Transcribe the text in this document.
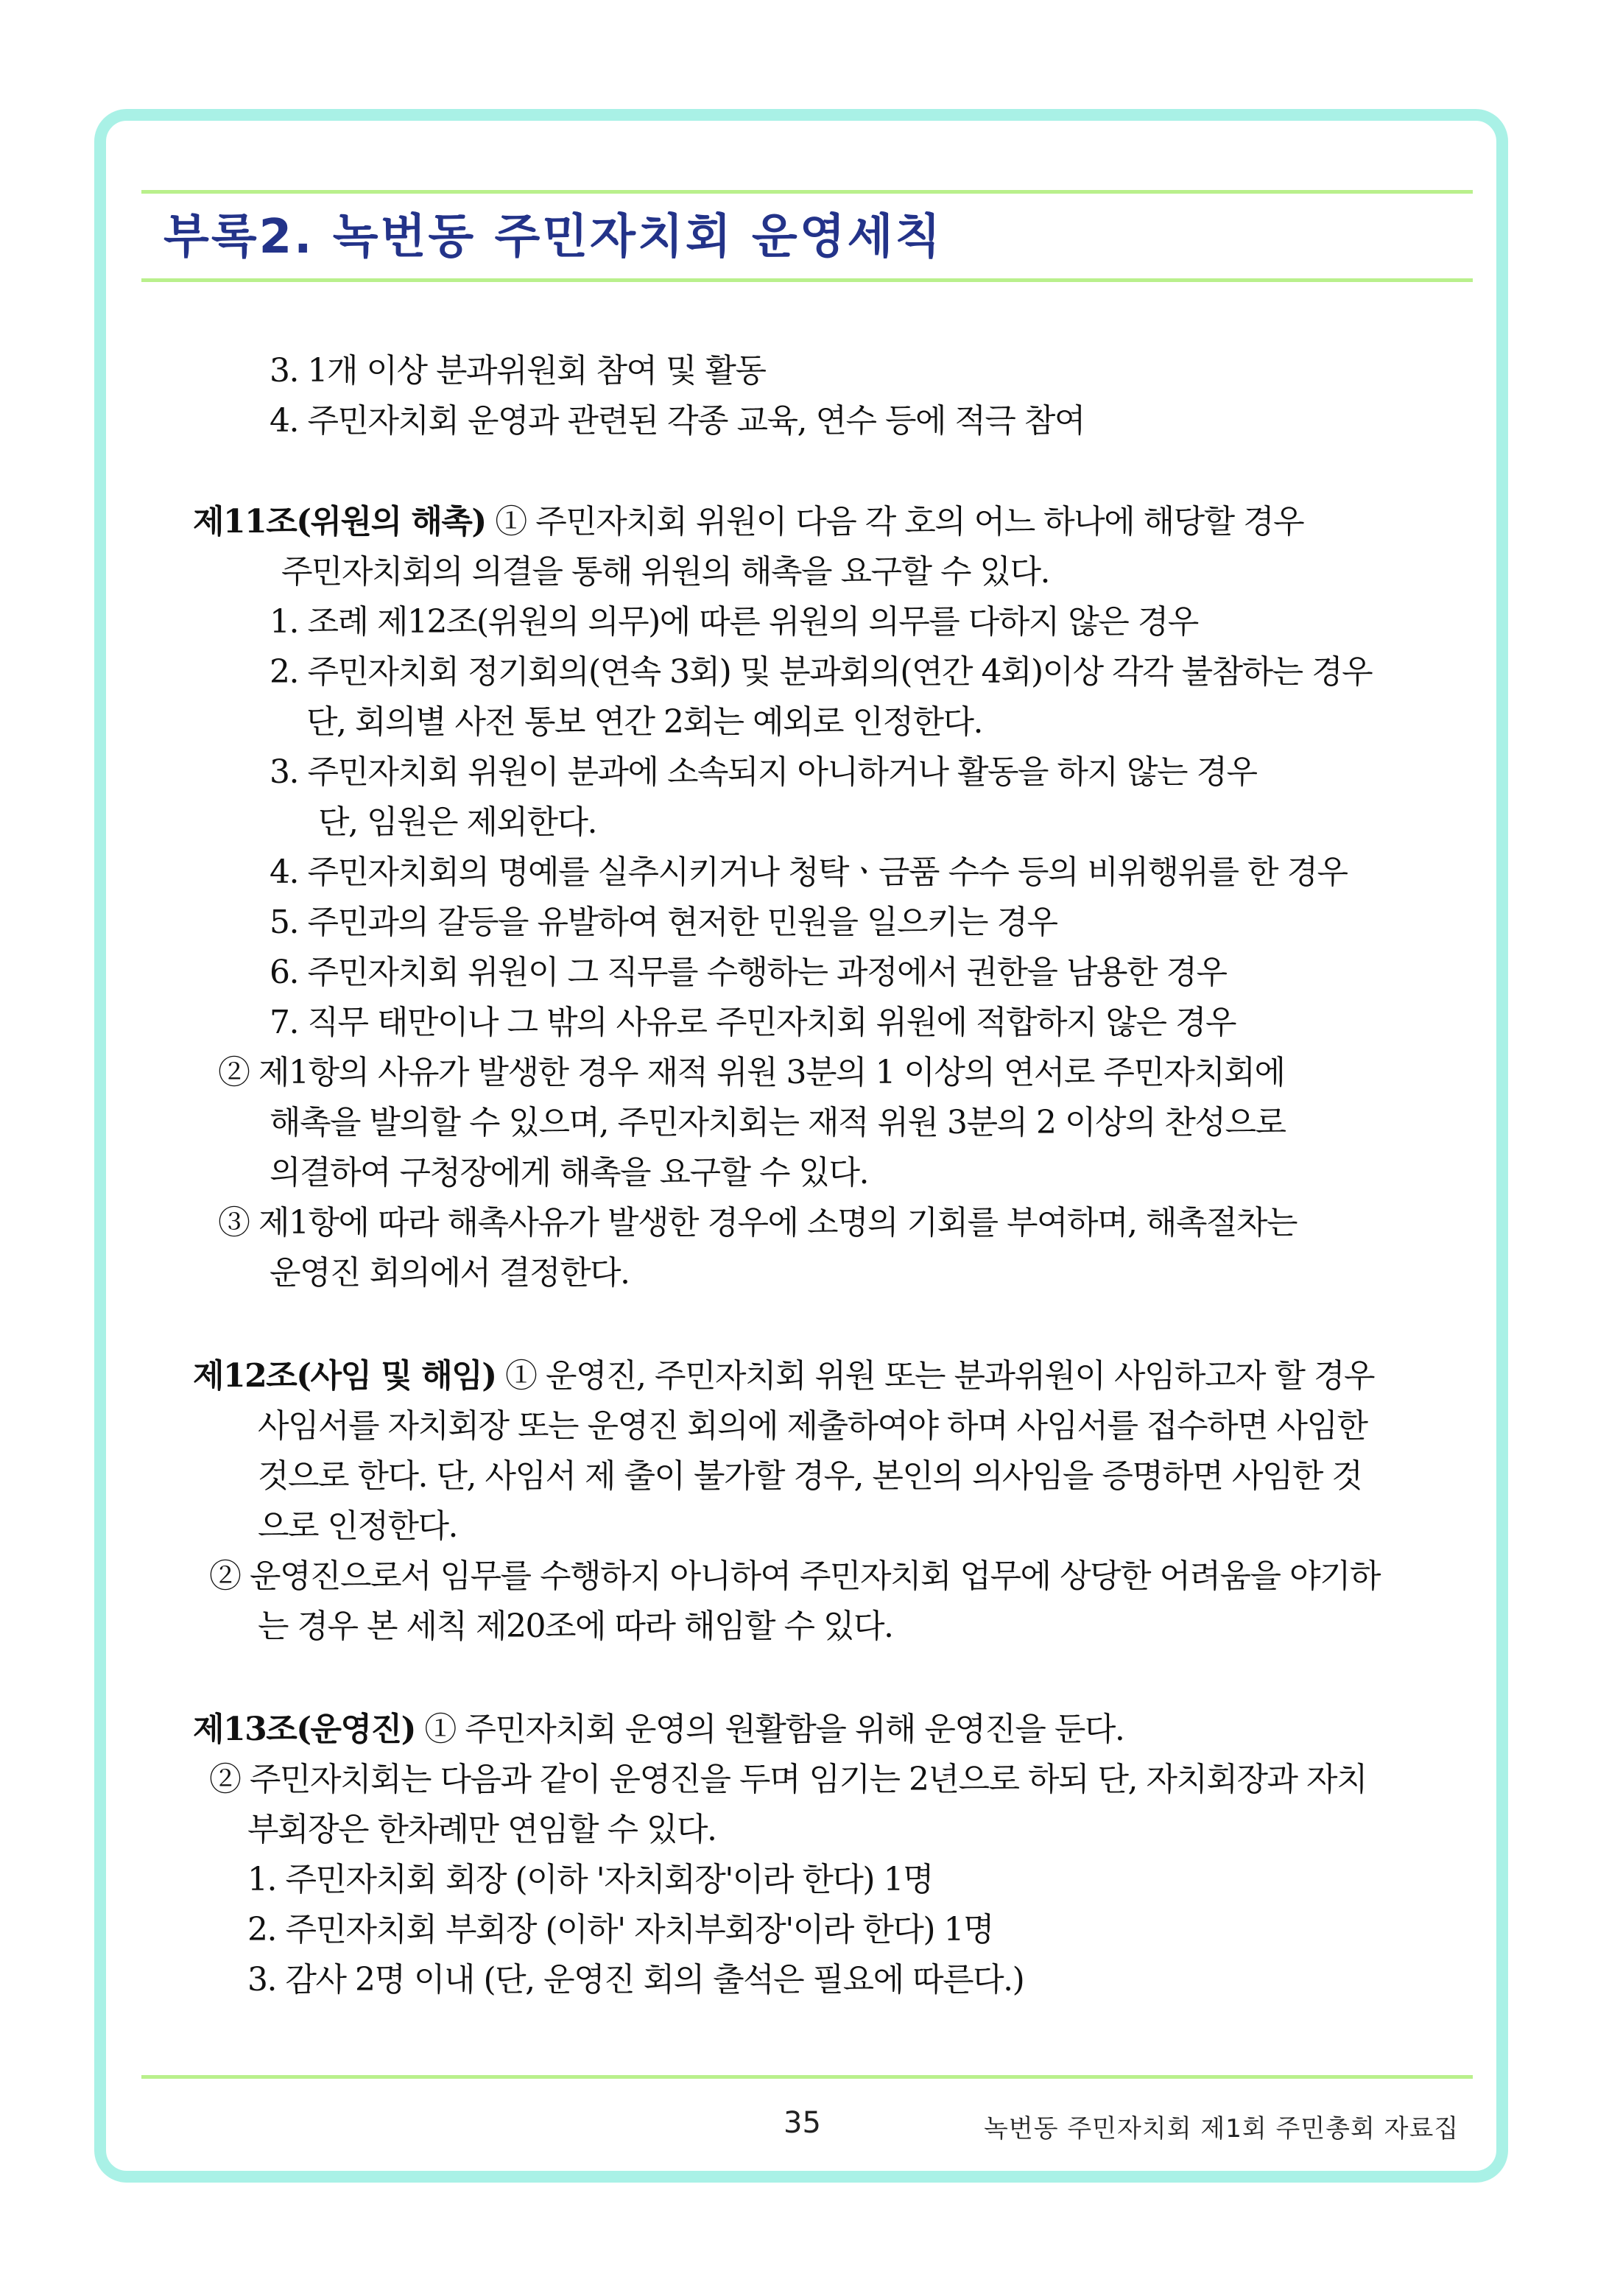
부록2. 녹번동 주민자치회 운영세칙
3. 1개 이상 분과위원회 참여 및 활동
4. 주민자치회 운영과 관련된 각종 교육, 연수 등에 적극 참여
제11조(위원의 해촉) ① 주민자치회 위원이 다음 각 호의 어느 하나에 해당할 경우
주민자치회의 의결을 통해 위원의 해촉을 요구할 수 있다.
1. 조례 제12조(위원의 의무)에 따른 위원의 의무를 다하지 않은 경우
2. 주민자치회 정기회의(연속 3회) 및 분과회의(연간 4회)이상 각각 불참하는 경우
단, 회의별 사전 통보 연간 2회는 예외로 인정한다.
3. 주민자치회 위원이 분과에 소속되지 아니하거나 활동을 하지 않는 경우
단, 임원은 제외한다.
4. 주민자치회의 명예를 실추시키거나 청탁ㆍ금품 수수 등의 비위행위를 한 경우
5. 주민과의 갈등을 유발하여 현저한 민원을 일으키는 경우
6. 주민자치회 위원이 그 직무를 수행하는 과정에서 권한을 남용한 경우
7. 직무 태만이나 그 밖의 사유로 주민자치회 위원에 적합하지 않은 경우
② 제1항의 사유가 발생한 경우 재적 위원 3분의 1 이상의 연서로 주민자치회에
해촉을 발의할 수 있으며, 주민자치회는 재적 위원 3분의 2 이상의 찬성으로
의결하여 구청장에게 해촉을 요구할 수 있다.
③ 제1항에 따라 해촉사유가 발생한 경우에 소명의 기회를 부여하며, 해촉절차는
운영진 회의에서 결정한다.
제12조(사임 및 해임) ① 운영진, 주민자치회 위원 또는 분과위원이 사임하고자 할 경우
사임서를 자치회장 또는 운영진 회의에 제출하여야 하며 사임서를 접수하면 사임한
것으로 한다. 단, 사임서 제 출이 불가할 경우, 본인의 의사임을 증명하면 사임한 것
으로 인정한다.
② 운영진으로서 임무를 수행하지 아니하여 주민자치회 업무에 상당한 어려움을 야기하
는 경우 본 세칙 제20조에 따라 해임할 수 있다.
제13조(운영진) ① 주민자치회 운영의 원활함을 위해 운영진을 둔다.
② 주민자치회는 다음과 같이 운영진을 두며 임기는 2년으로 하되 단, 자치회장과 자치
부회장은 한차례만 연임할 수 있다.
1. 주민자치회 회장 (이하 '자치회장'이라 한다) 1명
2. 주민자치회 부회장 (이하' 자치부회장'이라 한다) 1명
3. 감사 2명 이내 (단, 운영진 회의 출석은 필요에 따른다.)
35	녹번동 주민자치회 제1회 주민총회 자료집
